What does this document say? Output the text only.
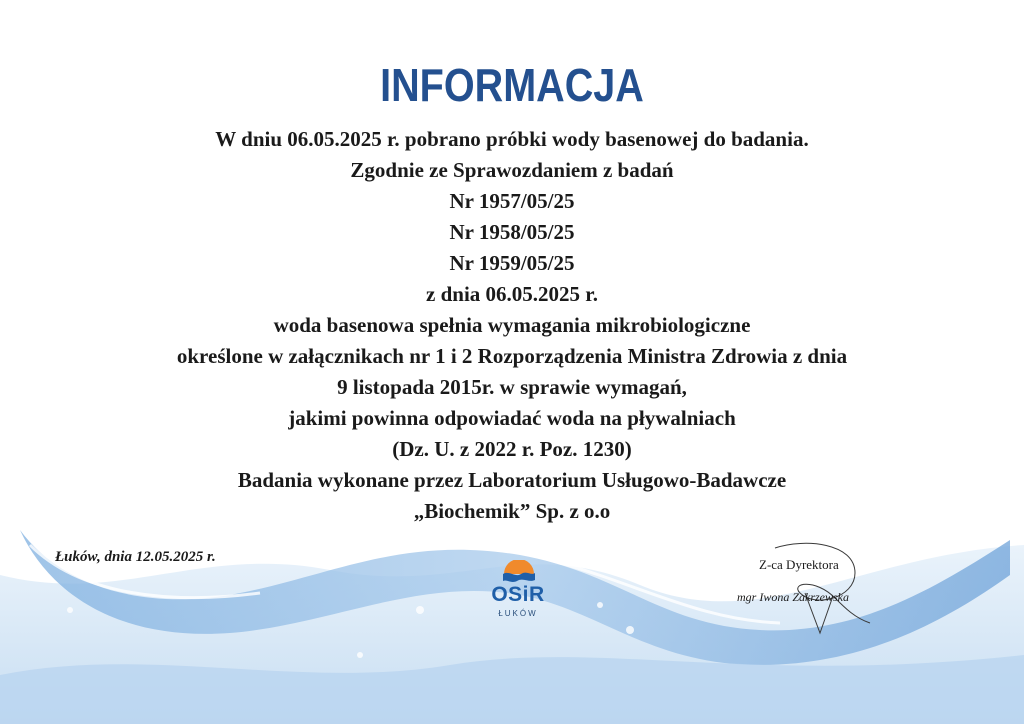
INFORMACJA
W dniu 06.05.2025 r. pobrano próbki wody basenowej do badania.
Zgodnie ze Sprawozdaniem z badań
Nr 1957/05/25
Nr 1958/05/25
Nr 1959/05/25
z dnia 06.05.2025 r.
woda basenowa spełnia wymagania mikrobiologiczne
określone w załącznikach nr 1 i 2 Rozporządzenia Ministra Zdrowia z dnia
9 listopada 2015r. w sprawie wymagań,
jakimi powinna odpowiadać woda na pływalniach
(Dz. U. z 2022 r. Poz. 1230)
Badania wykonane przez Laboratorium Usługowo-Badawcze
„Biochemik” Sp. z o.o
Łuków, dnia 12.05.2025 r.
OSiR
ŁUKÓW
Z-ca Dyrektora
mgr Iwona Zakrzewska
